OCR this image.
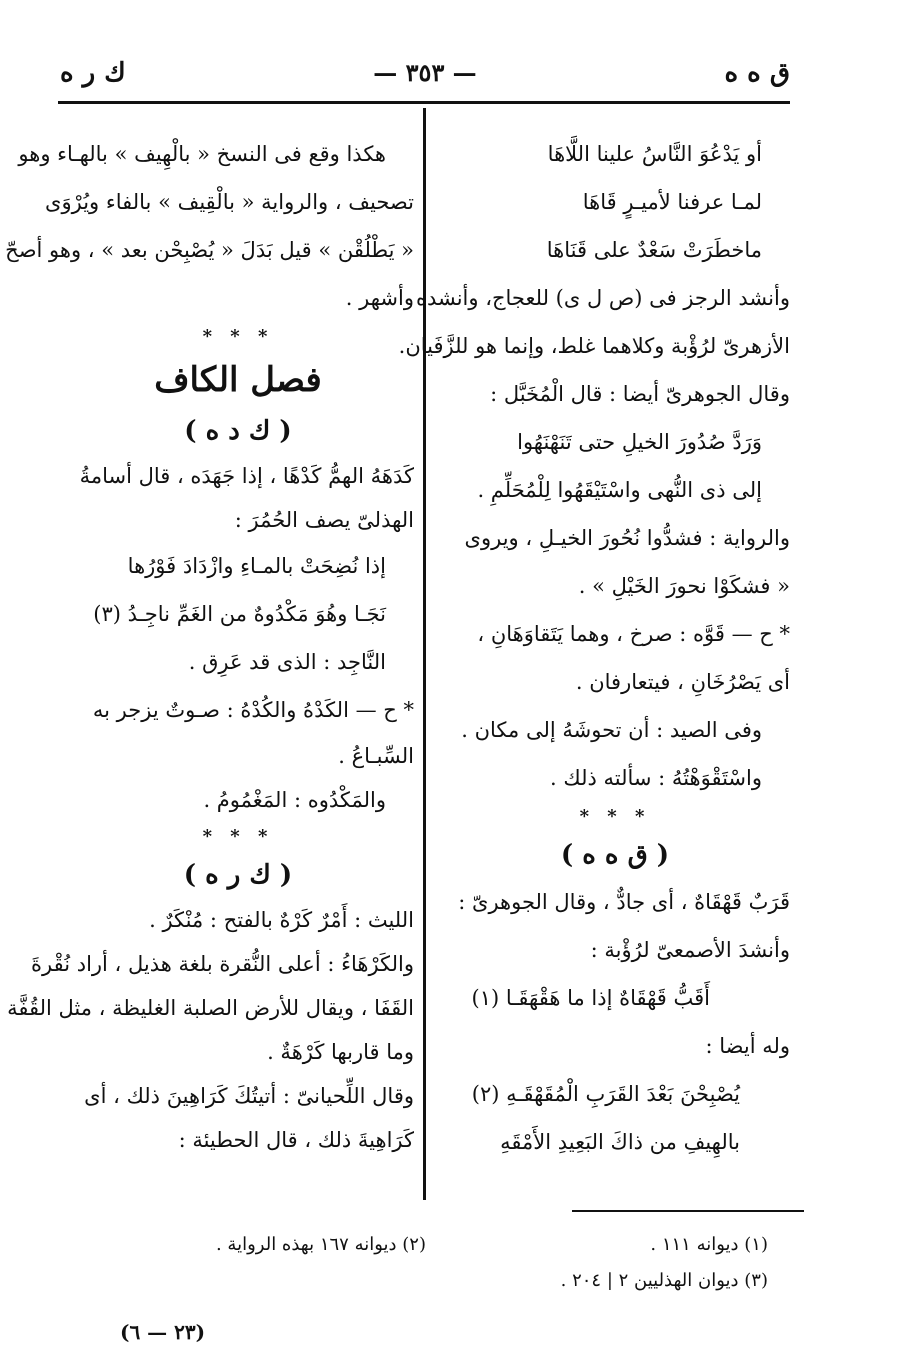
ق ه ه
— ٣٥٣ —
ك ر ه
أو يَدْعُوَ النَّاسُ علينا اللَّاهَا
لمـا عرفنا لأميـرٍ قَاهَا
ماخطَرَتْ سَعْدٌ على قَنَاهَا
وأنشد الرجز فى (ص ل ى) للعجاج، وأنشده
الأزهرىّ لرُؤْبة وكلاهما غلط، وإنما هو للزَّفَيان.
وقال الجوهرىّ أيضا : قال الْمُخَبَّل :
وَرَدَّ صُدُورَ الخيلِ حتى تَنَهْنَهُوا
إلى ذى النُّهى واسْتَيْقَهُوا لِلْمُحَلِّمِ .
والرواية : فشدُّوا نُحُورَ الخيـلِ ، ويروى
« فشكَوْا نحورَ الخَيْلِ » .
* ح — قَوَّه : صرخ ، وهما يَتَقاوَهَانِ ،
أى يَصْرُخَانِ ، فيتعارفان .
وفى الصيد : أن تحوشَهُ إلى مكان .
واسْتَقْوَهْتُهُ : سألته ذلك .
* * *
( ق ه ه )
قَرَبٌ قَهْقَاهٌ ، أى جادٌّ ، وقال الجوهرىّ :
وأنشدَ الأصمعىّ لرُؤْبة :
أَقَبُّ قَهْقَاهٌ إذا ما هَقْهَقَـا (١)
وله أيضا :
يُصْبِحْنَ بَعْدَ القَرَبِ الْمُقَهْقَـهِ (٢)
بالهِيفِ من ذاكَ البَعِيدِ الأَمْقَهِ
هكذا وقع فى النسخ « بالْهِيف » بالهـاء وهو
تصحيف ، والرواية « بالْقِيف » بالفاء ويُرْوَى
« يَطْلُقْن » قيل بَدَلَ « يُصْبِحْن بعد » ، وهو أصحّ
وأشهر .
* * *
فصل الكاف
( ك د ه )
كَدَهَهُ الهمُّ كَدْهًا ، إذا جَهَدَه ، قال أسامةُ
الهذلىّ يصف الحُمُرَ :
إذا نُضِحَتْ بالمـاءِ وازْدَادَ فَوْرُها
نَجَـا وهُوَ مَكْدُوهٌ من الغَمِّ ناجِـدُ (٣)
النَّاجِد : الذى قد عَرِق .
* ح — الكَدْهُ والكُدْهُ : صـوتٌ يزجر به
السِّبـاعُ .
والمَكْدُوه : المَغْمُومُ .
* * *
( ك ر ه )
الليث : أَمْرٌ كَرْهٌ بالفتح : مُنْكَرٌ .
والكَرْهَاءُ : أعلى النُّقرة بلغة هذيل ، أراد نُقْرةَ
القَفَا ، ويقال للأرض الصلبة الغليظة ، مثل القُفَّة
وما قاربها كَرْهَةٌ .
وقال اللِّحيانىّ : أتيتُكَ كَرَاهِينَ ذلك ، أى
كَرَاهِيةَ ذلك ، قال الحطيئة :
(١) ديوانه ١١١ .
(٢) ديوانه ١٦٧ بهذه الرواية .
(٣) ديوان الهذليين ٢ | ٢٠٤ .
(٢٣ — ٦)
